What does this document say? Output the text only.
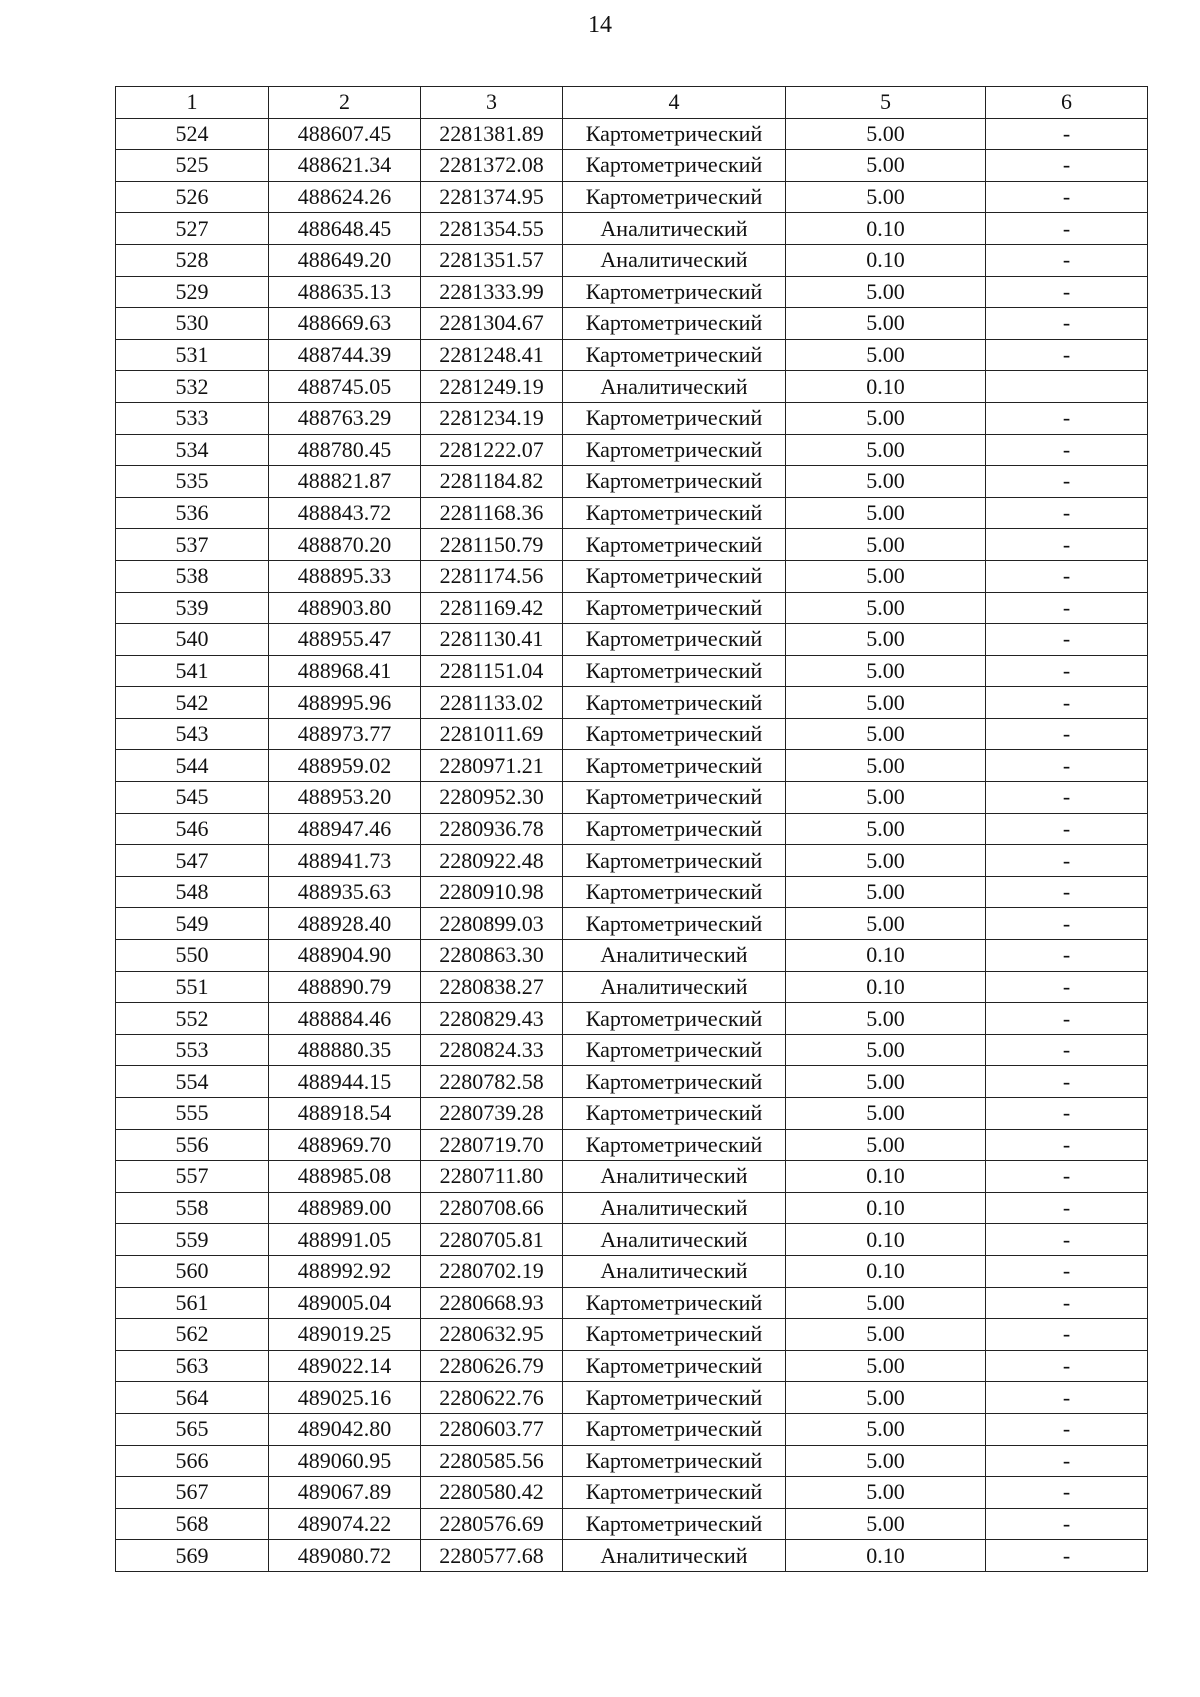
14
1	2	3	4	5	6
524	488607.45	2281381.89	Картометрический	5.00	-
525	488621.34	2281372.08	Картометрический	5.00	-
526	488624.26	2281374.95	Картометрический	5.00	-
527	488648.45	2281354.55	Аналитический	0.10	-
528	488649.20	2281351.57	Аналитический	0.10	-
529	488635.13	2281333.99	Картометрический	5.00	-
530	488669.63	2281304.67	Картометрический	5.00	-
531	488744.39	2281248.41	Картометрический	5.00	-
532	488745.05	2281249.19	Аналитический	0.10	
533	488763.29	2281234.19	Картометрический	5.00	-
534	488780.45	2281222.07	Картометрический	5.00	-
535	488821.87	2281184.82	Картометрический	5.00	-
536	488843.72	2281168.36	Картометрический	5.00	-
537	488870.20	2281150.79	Картометрический	5.00	-
538	488895.33	2281174.56	Картометрический	5.00	-
539	488903.80	2281169.42	Картометрический	5.00	-
540	488955.47	2281130.41	Картометрический	5.00	-
541	488968.41	2281151.04	Картометрический	5.00	-
542	488995.96	2281133.02	Картометрический	5.00	-
543	488973.77	2281011.69	Картометрический	5.00	-
544	488959.02	2280971.21	Картометрический	5.00	-
545	488953.20	2280952.30	Картометрический	5.00	-
546	488947.46	2280936.78	Картометрический	5.00	-
547	488941.73	2280922.48	Картометрический	5.00	-
548	488935.63	2280910.98	Картометрический	5.00	-
549	488928.40	2280899.03	Картометрический	5.00	-
550	488904.90	2280863.30	Аналитический	0.10	-
551	488890.79	2280838.27	Аналитический	0.10	-
552	488884.46	2280829.43	Картометрический	5.00	-
553	488880.35	2280824.33	Картометрический	5.00	-
554	488944.15	2280782.58	Картометрический	5.00	-
555	488918.54	2280739.28	Картометрический	5.00	-
556	488969.70	2280719.70	Картометрический	5.00	-
557	488985.08	2280711.80	Аналитический	0.10	-
558	488989.00	2280708.66	Аналитический	0.10	-
559	488991.05	2280705.81	Аналитический	0.10	-
560	488992.92	2280702.19	Аналитический	0.10	-
561	489005.04	2280668.93	Картометрический	5.00	-
562	489019.25	2280632.95	Картометрический	5.00	-
563	489022.14	2280626.79	Картометрический	5.00	-
564	489025.16	2280622.76	Картометрический	5.00	-
565	489042.80	2280603.77	Картометрический	5.00	-
566	489060.95	2280585.56	Картометрический	5.00	-
567	489067.89	2280580.42	Картометрический	5.00	-
568	489074.22	2280576.69	Картометрический	5.00	-
569	489080.72	2280577.68	Аналитический	0.10	-
